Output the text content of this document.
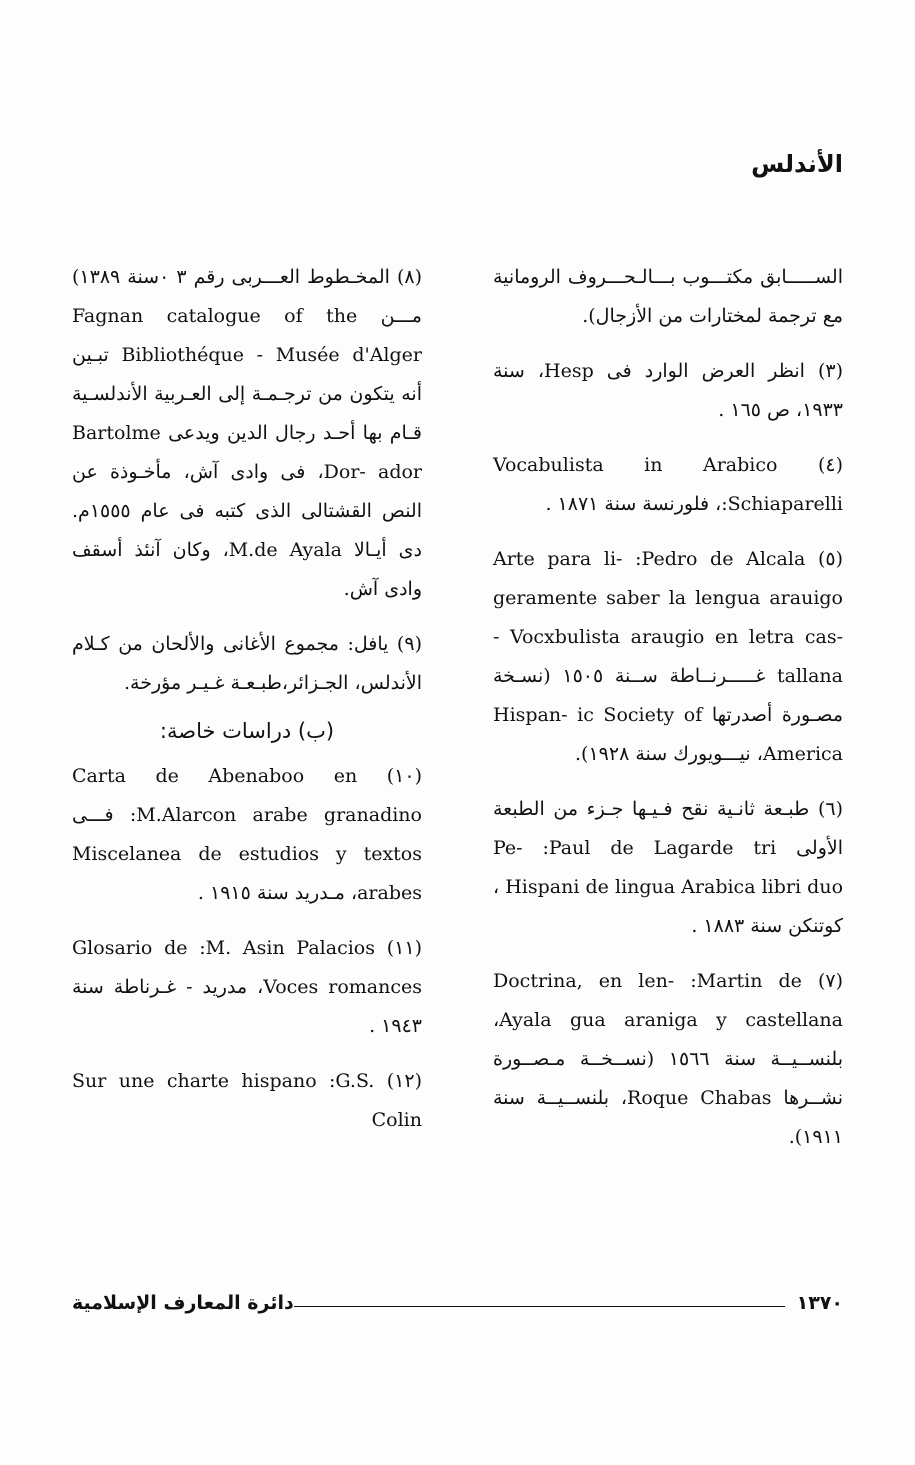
الأندلس
الســـــابق مكتـــوب بـــالـحـــروف الرومانية مع ترجمة لمختارات من الأزجال).
(٣) انظر العرض الوارد فى Hesp، سنة ١٩٣٣، ص ١٦٥ .
(٤) Vocabulista in Arabico :Schiaparelli، فلورنسة سنة ١٨٧١ .
(٥) Arte para li- :Pedro de Alcala geramente saber la lengua arauigo - Vocxbulista araugio en letra cas- tallana غـــــرنــاطة ســنة ١٥٠٥ (نسـخة مصـورة أصدرتها Hispan- ic Society of America، نيـــويورك سنة ١٩٢٨).
(٦) طبـعة ثانـية نقح فـيـها جـزء من الطبعة الأولى Pe- :Paul de Lagarde tri Hispani de lingua Arabica libri duo ، كوتنكن سنة ١٨٨٣ .
(٧) Doctrina, en len- :Martin de Ayala gua araniga y castellana، بلنســيــة سنة ١٥٦٦ (نســخــة مـصــورة نشــرها Roque Chabas، بلنســيــة سنة ١٩١١).
(٨) المخـطوط العـــربى رقم ٣ ٠سنة ١٣٨٩) مـــن Fagnan catalogue of the Bibliothéque - Musée d'Alger تبـين أنه يتكون من ترجـمـة إلى العـربية الأندلسـية قـام بها أحـد رجال الدين ويدعى Bartolme Dor- ador، فى وادى آش، مأخـوذة عن النص القشتالى الذى كتبه فى عام ١٥٥٥م. دى أيـالا M.de Ayala، وكان آنئذ أسقف وادى آش.
(٩) يافل: مجموع الأغانى والألحان من كـلام الأندلس، الجـزائر،طبـعـة غـيـر مؤرخة.
(ب) دراسات خاصة:
(١٠) Carta de Abenaboo en :M.Alarcon arabe granadino فـــى Miscelanea de estudios y textos arabes، مـدريد سنة ١٩١٥ .
(١١) Glosario de :M. Asin Palacios Voces romances، مدريد - غـرناطة سنة ١٩٤٣ .
(١٢) Sur une charte hispano :G.S. Colin
دائرة المعارف الإسلامية	١٣٧٠
